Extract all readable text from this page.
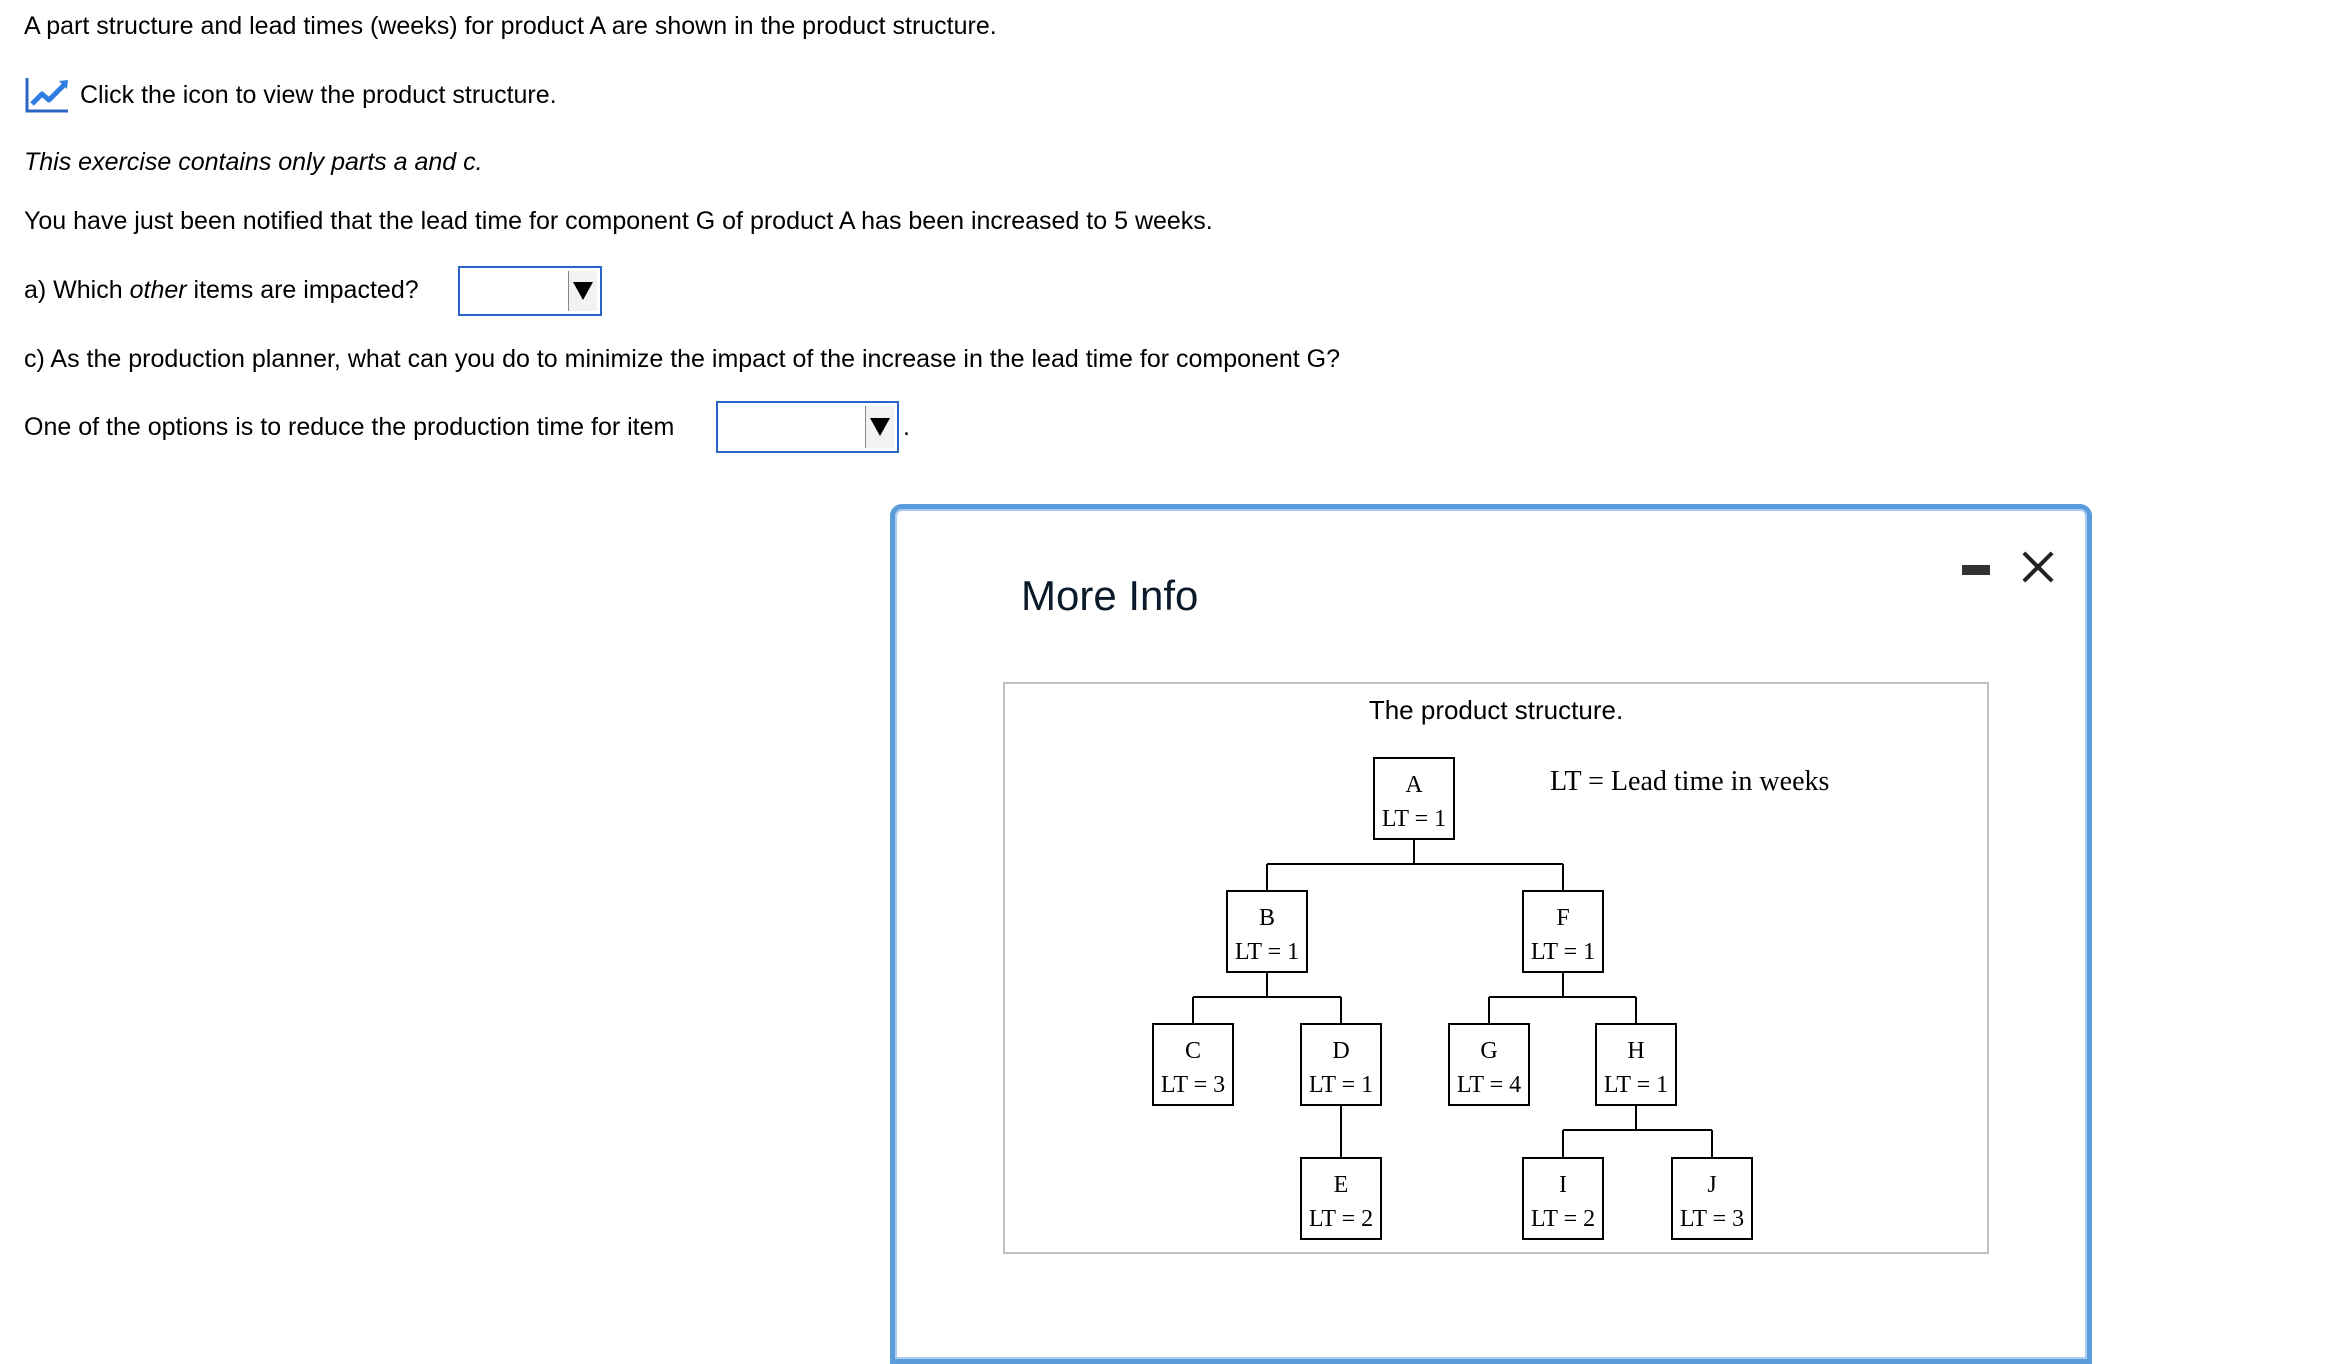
A part structure and lead times (weeks) for product A are shown in the product structure.
Click the icon to view the product structure.
This exercise contains only parts a and c.
You have just been notified that the lead time for component G of product A has been increased to 5 weeks.
a) Which other items are impacted?
c) As the production planner, what can you do to minimize the impact of the increase in the lead time for component G?
One of the options is to reduce the production time for item	.
More Info
The product structure.
LT = Lead time in weeks
A
LT = 1
B
LT = 1
F
LT = 1
C
LT = 3
D
LT = 1
G
LT = 4
H
LT = 1
E
LT = 2
I
LT = 2
J
LT = 3
